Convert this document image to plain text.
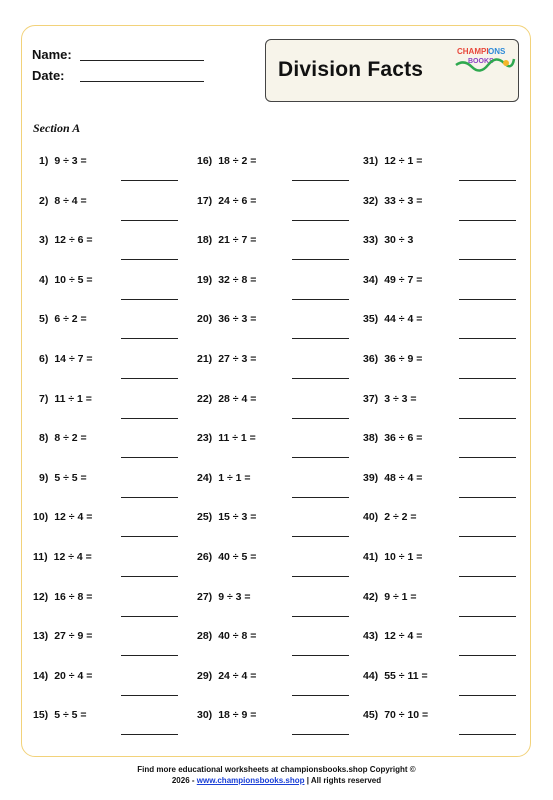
Name:
Date:	Division Facts
CHAMPI ONS
BOOKS
Section A
1) 9 ÷ 3 =
2) 8 ÷ 4 =
3) 12 ÷ 6 =
4) 10 ÷ 5 =
5) 6 ÷ 2 =
6) 14 ÷ 7 =
7) 11 ÷ 1 =
8) 8 ÷ 2 =
9) 5 ÷ 5 =
10) 12 ÷ 4 =
11) 12 ÷ 4 =
12) 16 ÷ 8 =
13) 27 ÷ 9 =
14) 20 ÷ 4 =
15) 5 ÷ 5 =
16) 18 ÷ 2 =
17) 24 ÷ 6 =
18) 21 ÷ 7 =
19) 32 ÷ 8 =
20) 36 ÷ 3 =
21) 27 ÷ 3 =
22) 28 ÷ 4 =
23) 11 ÷ 1 =
24) 1 ÷ 1 =
25) 15 ÷ 3 =
26) 40 ÷ 5 =
27) 9 ÷ 3 =
28) 40 ÷ 8 =
29) 24 ÷ 4 =
30) 18 ÷ 9 =
31) 12 ÷ 1 =
32) 33 ÷ 3 =
33) 30 ÷ 3
34) 49 ÷ 7 =
35) 44 ÷ 4 =
36) 36 ÷ 9 =
37) 3 ÷ 3 =
38) 36 ÷ 6 =
39) 48 ÷ 4 =
40) 2 ÷ 2 =
41) 10 ÷ 1 =
42) 9 ÷ 1 =
43) 12 ÷ 4 =
44) 55 ÷ 11 =
45) 70 ÷ 10 =
Find more educational worksheets at championsbooks.shop Copyright ©
2026 - www.championsbooks.shop | All rights reserved
